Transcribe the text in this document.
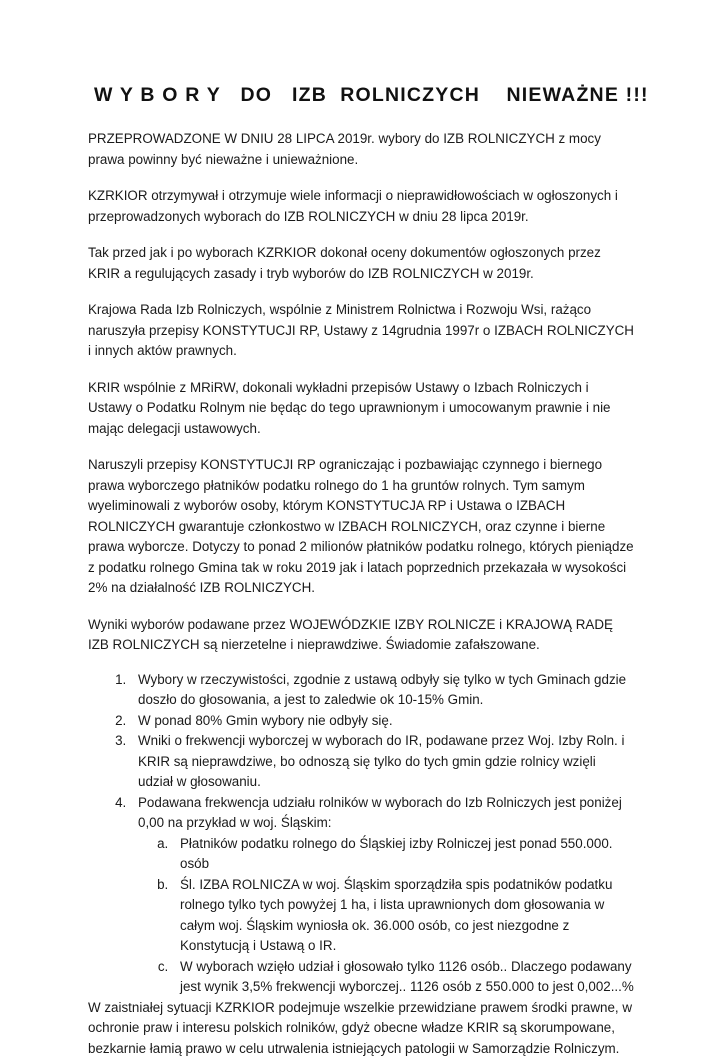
W Y B O R Y   DO   IZB  ROLNICZYCH    NIEWAŻNE !!!

PRZEPROWADZONE W DNIU 28 LIPCA 2019r. wybory do IZB ROLNICZYCH z mocy prawa powinny być nieważne i unieważnione.

KZRKIOR otrzymywał i otrzymuje wiele informacji o nieprawidłowościach w ogłoszonych i przeprowadzonych wyborach do IZB ROLNICZYCH w dniu 28 lipca 2019r.

Tak przed jak i po wyborach KZRKIOR dokonał oceny dokumentów ogłoszonych przez KRIR a regulujących zasady i tryb wyborów do IZB ROLNICZYCH w 2019r.

Krajowa Rada Izb Rolniczych, wspólnie z Ministrem Rolnictwa i Rozwoju Wsi, rażąco naruszyła przepisy KONSTYTUCJI RP, Ustawy z 14grudnia 1997r o IZBACH ROLNICZYCH i innych aktów prawnych.

KRIR wspólnie z MRiRW, dokonali wykładni przepisów Ustawy o Izbach Rolniczych i Ustawy o Podatku Rolnym nie będąc do tego uprawnionym i umocowanym prawnie i nie mając delegacji ustawowych.

Naruszyli przepisy KONSTYTUCJI RP ograniczając i pozbawiając czynnego i biernego prawa wyborczego płatników podatku rolnego do 1 ha gruntów rolnych. Tym samym wyeliminowali z wyborów osoby, którym KONSTYTUCJA RP i Ustawa o IZBACH ROLNICZYCH gwarantuje członkostwo w IZBACH ROLNICZYCH, oraz czynne i bierne prawa wyborcze. Dotyczy to ponad 2 milionów płatników podatku rolnego, których pieniądze z podatku rolnego Gmina tak w roku 2019 jak i latach poprzednich przekazała w wysokości 2% na działalność IZB ROLNICZYCH.

Wyniki wyborów podawane przez WOJEWÓDZKIE IZBY ROLNICZE i KRAJOWĄ RADĘ IZB ROLNICZYCH są nierzetelne i nieprawdziwe. Świadomie zafałszowane.

1. Wybory w rzeczywistości, zgodnie z ustawą odbyły się tylko w tych Gminach gdzie doszło do głosowania, a jest to zaledwie ok 10-15% Gmin.
2. W ponad 80% Gmin wybory nie odbyły się.
3. Wniki o frekwencji wyborczej w wyborach do IR, podawane przez Woj. Izby Roln. i KRIR są nieprawdziwe, bo odnoszą się tylko do tych gmin gdzie rolnicy wzięli udział w głosowaniu.
4. Podawana frekwencja udziału rolników w wyborach do Izb Rolniczych jest poniżej 0,00 na przykład w woj. Śląskim:
a. Płatników podatku rolnego do Śląskiej izby Rolniczej jest ponad 550.000. osób
b. Śl. IZBA ROLNICZA w woj. Śląskim sporządziła spis podatników podatku rolnego tylko tych powyżej 1 ha, i lista uprawnionych dom głosowania w całym woj. Śląskim wyniosła ok. 36.000 osób, co jest niezgodne z Konstytucją i Ustawą o IR.
c. W wyborach wzięło udział i głosowało tylko 1126 osób.. Dlaczego podawany jest wynik 3,5% frekwencji wyborczej.. 1126 osób z 550.000 to jest 0,002...%

W zaistniałej sytuacji KZRKIOR podejmuje wszelkie przewidziane prawem środki prawne, w ochronie praw i interesu polskich rolników, gdyż obecne władze KRIR są skorumpowane, bezkarnie łamią prawo w celu utrwalenia istniejących patologii w Samorządzie Rolniczym.
